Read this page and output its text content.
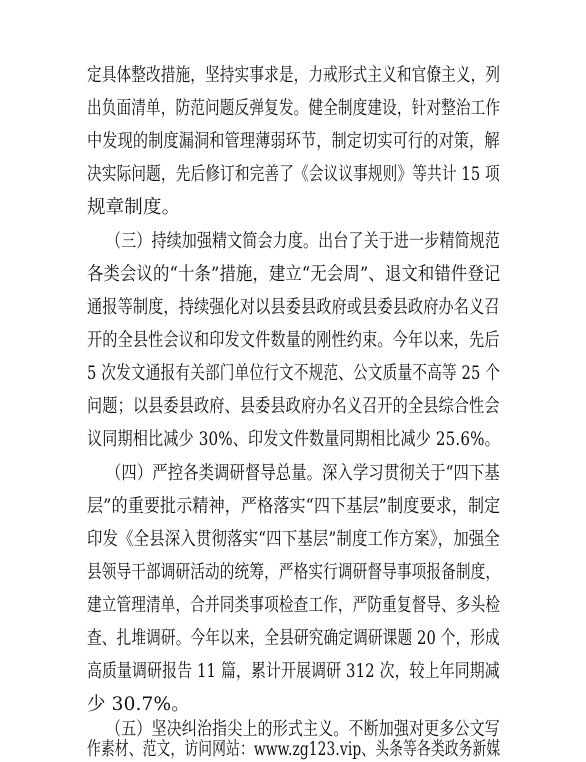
定具体整改措施，坚持实事求是，力戒形式主义和官僚主义，列
出负面清单，防范问题反弹复发。健全制度建设，针对整治工作
中发现的制度漏洞和管理薄弱环节，制定切实可行的对策，解
决实际问题，先后修订和完善了《会议议事规则》等共计 15 项
规章制度。
（三）持续加强精文简会力度。出台了关于进一步精简规范
各类会议的“十条”措施，建立“无会周”、退文和错件登记
通报等制度，持续强化对以县委县政府或县委县政府办名义召
开的全县性会议和印发文件数量的刚性约束。今年以来，先后
5 次发文通报有关部门单位行文不规范、公文质量不高等 25 个
问题；以县委县政府、县委县政府办名义召开的全县综合性会
议同期相比减少 30%、印发文件数量同期相比减少 25.6%。
（四）严控各类调研督导总量。深入学习贯彻关于“四下基
层”的重要批示精神，严格落实“四下基层”制度要求，制定
印发《全县深入贯彻落实“四下基层”制度工作方案》，加强全
县领导干部调研活动的统筹，严格实行调研督导事项报备制度，
建立管理清单，合并同类事项检查工作，严防重复督导、多头检
查、扎堆调研。今年以来，全县研究确定调研课题 20 个，形成
高质量调研报告 11 篇，累计开展调研 312 次，较上年同期减
少 30.7%。
（五）坚决纠治指尖上的形式主义。不断加强对更多公文写
作素材、范文，访问网站：www.zg123.vip、头条等各类政务新媒
